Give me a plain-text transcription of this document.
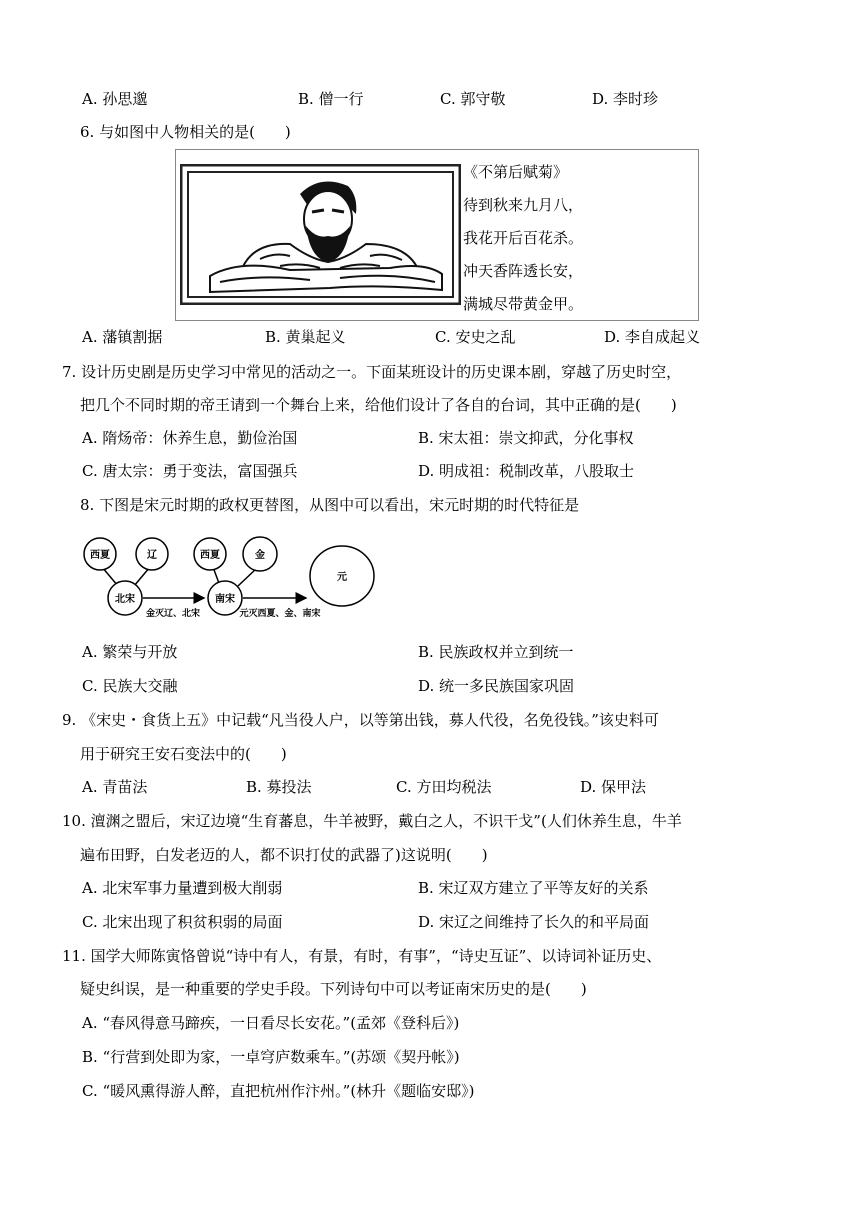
A. 孙思邈	B. 僧一行	C. 郭守敬	D. 李时珍
6. 与如图中人物相关的是(　　)
《不第后赋菊》
待到秋来九月八，
我花开后百花杀。
冲天香阵透长安，
满城尽带黄金甲。
A. 藩镇割据	B. 黄巢起义	C. 安史之乱	D. 李自成起义
7. 设计历史剧是历史学习中常见的活动之一。下面某班设计的历史课本剧，穿越了历史时空，
把几个不同时期的帝王请到一个舞台上来，给他们设计了各自的台词，其中正确的是(　　)
A. 隋炀帝：休养生息，勤俭治国	B. 宋太祖：崇文抑武，分化事权
C. 唐太宗：勇于变法，富国强兵	D. 明成祖：税制改革，八股取士
8. 下图是宋元时期的政权更替图，从图中可以看出，宋元时期的时代特征是
西夏	辽
北宋
西夏	金
南宋
元
金灭辽、北宋	元灭西夏、金、南宋
A. 繁荣与开放	B. 民族政权并立到统一
C. 民族大交融	D. 统一多民族国家巩固
9. 《宋史・食货上五》中记载“凡当役人户，以等第出钱，募人代役，名免役钱。”该史料可
用于研究王安石变法中的(　　)
A. 青苗法	B. 募投法	C. 方田均税法	D. 保甲法
10. 澶渊之盟后，宋辽边境“生育蕃息，牛羊被野，戴白之人，不识干戈”(人们休养生息，牛羊
遍布田野，白发老迈的人，都不识打仗的武器了)这说明(　　)
A. 北宋军事力量遭到极大削弱	B. 宋辽双方建立了平等友好的关系
C. 北宋出现了积贫积弱的局面	D. 宋辽之间维持了长久的和平局面
11. 国学大师陈寅恪曾说“诗中有人，有景，有时，有事”，“诗史互证”、以诗词补证历史、
疑史纠误，是一种重要的学史手段。下列诗句中可以考证南宋历史的是(　　)
A. “春风得意马蹄疾，一日看尽长安花。”(孟郊《登科后》)
B. “行营到处即为家，一卓穹庐数乘车。”(苏颂《契丹帐》)
C. “暖风熏得游人醉，直把杭州作汴州。”(林升《题临安邸》)
